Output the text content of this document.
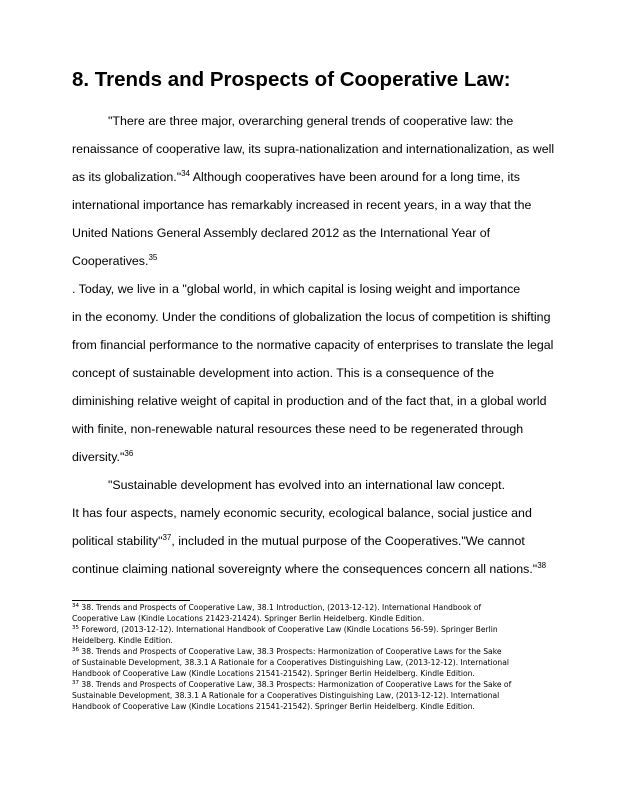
8. Trends and Prospects of Cooperative Law:
"There are three major, overarching general trends of cooperative law: the
renaissance of cooperative law, its supra-nationalization and internationalization, as well
as its globalization."$^{34}$ Although cooperatives have been around for a long time, its
international importance has remarkably increased in recent years, in a way that the
United Nations General Assembly declared 2012 as the International Year of
Cooperatives.$^{35}$
. Today, we live in a "global world, in which capital is losing weight and importance
in the economy. Under the conditions of globalization the locus of competition is shifting
from financial performance to the normative capacity of enterprises to translate the legal
concept of sustainable development into action. This is a consequence of the
diminishing relative weight of capital in production and of the fact that, in a global world
with finite, non-renewable natural resources these need to be regenerated through
diversity."$^{36}$
"Sustainable development has evolved into an international law concept.
It has four aspects, namely economic security, ecological balance, social justice and
political stability"$^{37}$, included in the mutual purpose of the Cooperatives."We cannot
continue claiming national sovereignty where the consequences concern all nations."$^{38}$
$^{34}$ 38. Trends and Prospects of Cooperative Law, 38.1 Introduction, (2013-12-12). International Handbook of
Cooperative Law (Kindle Locations 21423-21424). Springer Berlin Heidelberg. Kindle Edition.
$^{35}$ Foreword, (2013-12-12). International Handbook of Cooperative Law (Kindle Locations 56-59). Springer Berlin
Heidelberg. Kindle Edition.
$^{36}$ 38. Trends and Prospects of Cooperative Law, 38.3 Prospects: Harmonization of Cooperative Laws for the Sake
of Sustainable Development, 38.3.1 A Rationale for a Cooperatives Distinguishing Law, (2013-12-12). International
Handbook of Cooperative Law (Kindle Locations 21541-21542). Springer Berlin Heidelberg. Kindle Edition.
$^{37}$ 38. Trends and Prospects of Cooperative Law, 38.3 Prospects: Harmonization of Cooperative Laws for the Sake of
Sustainable Development, 38.3.1 A Rationale for a Cooperatives Distinguishing Law, (2013-12-12). International
Handbook of Cooperative Law (Kindle Locations 21541-21542). Springer Berlin Heidelberg. Kindle Edition.
